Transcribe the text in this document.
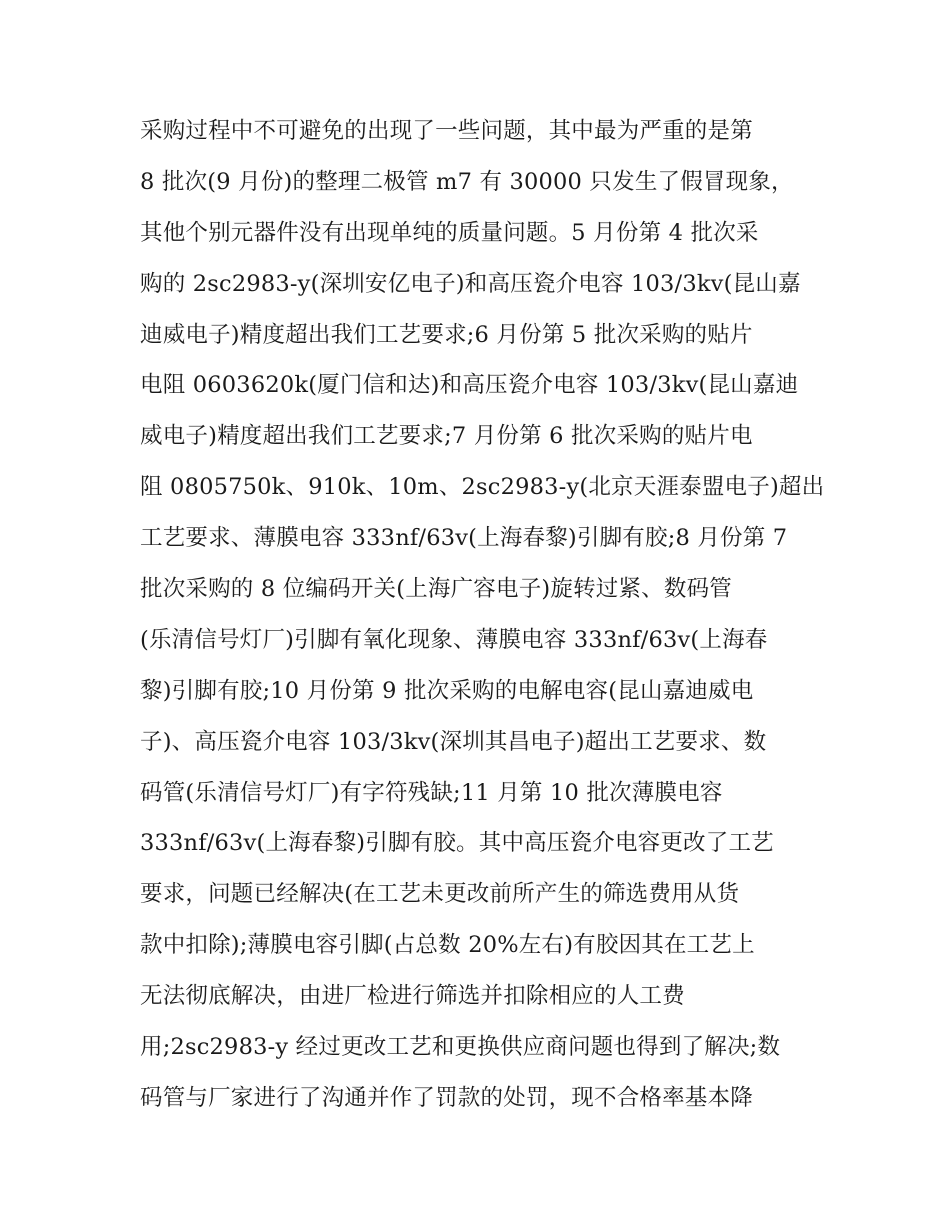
采购过程中不可避免的出现了一些问题，其中最为严重的是第
8 批次(9 月份)的整理二极管 m7 有 30000 只发生了假冒现象，
其他个别元器件没有出现单纯的质量问题。5 月份第 4 批次采
购的 2sc2983-y(深圳安亿电子)和高压瓷介电容 103/3kv(昆山嘉
迪威电子)精度超出我们工艺要求;6 月份第 5 批次采购的贴片
电阻 0603620k(厦门信和达)和高压瓷介电容 103/3kv(昆山嘉迪
威电子)精度超出我们工艺要求;7 月份第 6 批次采购的贴片电
阻 0805750k、910k、10m、2sc2983-y(北京天涯泰盟电子)超出
工艺要求、薄膜电容 333nf/63v(上海春黎)引脚有胶;8 月份第 7
批次采购的 8 位编码开关(上海广容电子)旋转过紧、数码管
(乐清信号灯厂)引脚有氧化现象、薄膜电容 333nf/63v(上海春
黎)引脚有胶;10 月份第 9 批次采购的电解电容(昆山嘉迪威电
子)、高压瓷介电容 103/3kv(深圳其昌电子)超出工艺要求、数
码管(乐清信号灯厂)有字符残缺;11 月第 10 批次薄膜电容
333nf/63v(上海春黎)引脚有胶。其中高压瓷介电容更改了工艺
要求，问题已经解决(在工艺未更改前所产生的筛选费用从货
款中扣除);薄膜电容引脚(占总数 20%左右)有胶因其在工艺上
无法彻底解决，由进厂检进行筛选并扣除相应的人工费
用;2sc2983-y 经过更改工艺和更换供应商问题也得到了解决;数
码管与厂家进行了沟通并作了罚款的处罚，现不合格率基本降
